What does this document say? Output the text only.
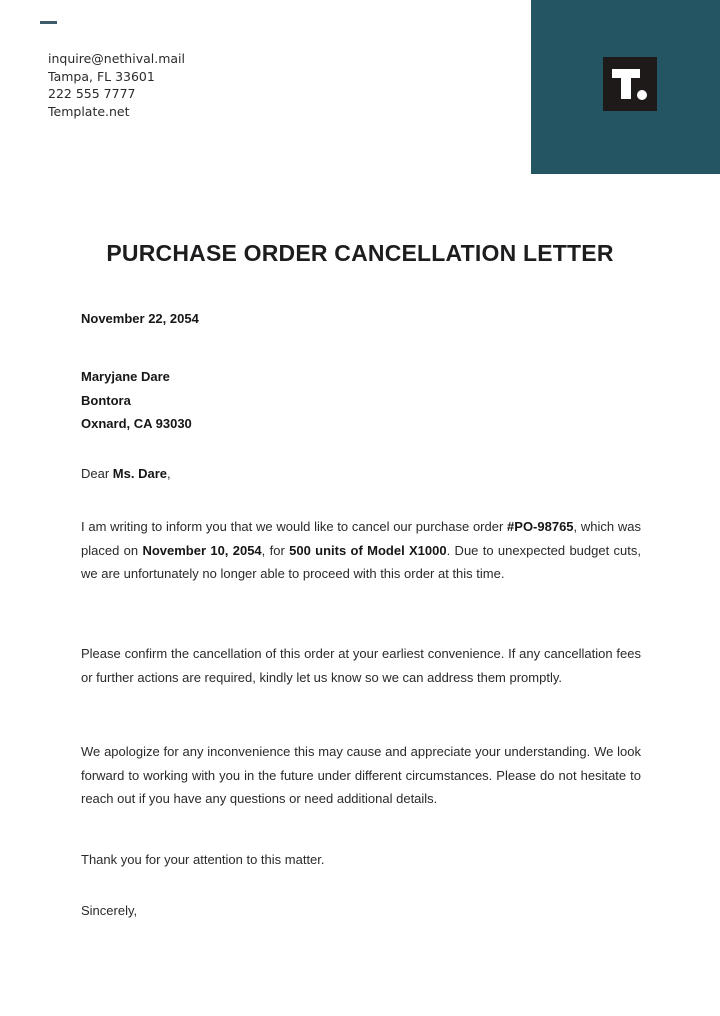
inquire@nethival.mail
Tampa, FL 33601
222 555 7777
Template.net
PURCHASE ORDER CANCELLATION LETTER
November 22, 2054
Maryjane Dare
Bontora
Oxnard, CA 93030
Dear Ms. Dare,

I am writing to inform you that we would like to cancel our purchase order #PO-98765, which was placed on November 10, 2054, for 500 units of Model X1000. Due to unexpected budget cuts, we are unfortunately no longer able to proceed with this order at this time.

Please confirm the cancellation of this order at your earliest convenience. If any cancellation fees or further actions are required, kindly let us know so we can address them promptly.

We apologize for any inconvenience this may cause and appreciate your understanding. We look forward to working with you in the future under different circumstances. Please do not hesitate to reach out if you have any questions or need additional details.

Thank you for your attention to this matter.

Sincerely,
